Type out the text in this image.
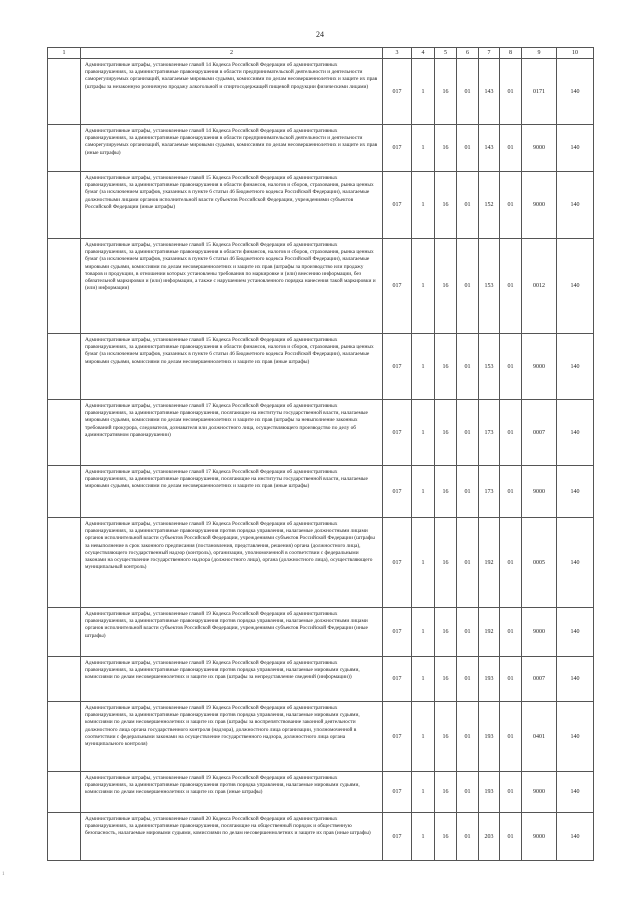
24
1	2	3	4	5	6	7	8	9	10

	Административные штрафы, установленные главой 14 Кодекса Российской Федерации об административных правонарушениях, за административные правонарушения в области предпринимательской деятельности и деятельности саморегулируемых организаций, налагаемые мировыми судьями, комиссиями по делам несовершеннолетних и защите их прав (штрафы за незаконную розничную продажу алкогольной и спиртосодержащей пищевой продукции физическими лицами)	017	1	16	01	143	01	0171	140

	Административные штрафы, установленные главой 14 Кодекса Российской Федерации об административных правонарушениях, за административные правонарушения в области предпринимательской деятельности и деятельности саморегулируемых организаций, налагаемые мировыми судьями, комиссиями по делам несовершеннолетних и защите их прав (иные штрафы)	017	1	16	01	143	01	9000	140

	Административные штрафы, установленные главой 15 Кодекса Российской Федерации об административных правонарушениях, за административные правонарушения в области финансов, налогов и сборов, страхования, рынка ценных бумаг (за исключением штрафов, указанных в пункте 6 статьи 46 Бюджетного кодекса Российской Федерации), налагаемые должностными лицами органов исполнительной власти субъектов Российской Федерации, учреждениями субъектов Российской Федерации (иные штрафы)	017	1	16	01	152	01	9000	140

	Административные штрафы, установленные главой 15 Кодекса Российской Федерации об административных правонарушениях, за административные правонарушения в области финансов, налогов и сборов, страхования, рынка ценных бумаг (за исключением штрафов, указанных в пункте 6 статьи 46 Бюджетного кодекса Российской Федерации), налагаемые мировыми судьями, комиссиями по делам несовершеннолетних и защите их прав (штрафы за производство или продажу товаров и продукции, в отношении которых установлены требования по маркировке и (или) внесению информации, без обязательной маркировки и (или) информации, а также с нарушением установленного порядка нанесения такой маркировки и (или) информации)	017	1	16	01	153	01	0012	140

	Административные штрафы, установленные главой 15 Кодекса Российской Федерации об административных правонарушениях, за административные правонарушения в области финансов, налогов и сборов, страхования, рынка ценных бумаг (за исключением штрафов, указанных в пункте 6 статьи 46 Бюджетного кодекса Российской Федерации), налагаемые мировыми судьями, комиссиями по делам несовершеннолетних и защите их прав (иные штрафы)	017	1	16	01	153	01	9000	140

	Административные штрафы, установленные главой 17 Кодекса Российской Федерации об административных правонарушениях, за административные правонарушения, посягающие на институты государственной власти, налагаемые мировыми судьями, комиссиями по делам несовершеннолетних и защите их прав (штрафы за невыполнение законных требований прокурора, следователя, дознавателя или должностного лица, осуществляющего производство по делу об административном правонарушении)	017	1	16	01	173	01	0007	140

	Административные штрафы, установленные главой 17 Кодекса Российской Федерации об административных правонарушениях, за административные правонарушения, посягающие на институты государственной власти, налагаемые мировыми судьями, комиссиями по делам несовершеннолетних и защите их прав (иные штрафы)	017	1	16	01	173	01	9000	140

	Административные штрафы, установленные главой 19 Кодекса Российской Федерации об административных правонарушениях, за административные правонарушения против порядка управления, налагаемые должностными лицами органов исполнительной власти субъектов Российской Федерации, учреждениями субъектов Российской Федерации (штрафы за невыполнение в срок законного предписания (постановления, представления, решения) органа (должностного лица), осуществляющего государственный надзор (контроль), организации, уполномоченной в соответствии с федеральными законами на осуществление государственного надзора (должностного лица), органа (должностного лица), осуществляющего муниципальный контроль)	017	1	16	01	192	01	0005	140

	Административные штрафы, установленные главой 19 Кодекса Российской Федерации об административных правонарушениях, за административные правонарушения против порядка управления, налагаемые должностными лицами органов исполнительной власти субъектов Российской Федерации, учреждениями субъектов Российской Федерации (иные штрафы)	017	1	16	01	192	01	9000	140

	Административные штрафы, установленные главой 19 Кодекса Российской Федерации об административных правонарушениях, за административные правонарушения против порядка управления, налагаемые мировыми судьями, комиссиями по делам несовершеннолетних и защите их прав (штрафы за непредставление сведений (информации))	017	1	16	01	193	01	0007	140

	Административные штрафы, установленные главой 19 Кодекса Российской Федерации об административных правонарушениях, за административные правонарушения против порядка управления, налагаемые мировыми судьями, комиссиями по делам несовершеннолетних и защите их прав (штрафы за воспрепятствование законной деятельности должностного лица органа государственного контроля (надзора), должностного лица организации, уполномоченной в соответствии с федеральными законами на осуществление государственного надзора, должностного лица органа муниципального контроля)	017	1	16	01	193	01	0401	140

	Административные штрафы, установленные главой 19 Кодекса Российской Федерации об административных правонарушениях, за административные правонарушения против порядка управления, налагаемые мировыми судьями, комиссиями по делам несовершеннолетних и защите их прав (иные штрафы)	017	1	16	01	193	01	9000	140

	Административные штрафы, установленные главой 20 Кодекса Российской Федерации об административных правонарушениях, за административные правонарушения, посягающие на общественный порядок и общественную безопасность, налагаемые мировыми судьями, комиссиями по делам несовершеннолетних и защите их прав (иные штрафы)	017	1	16	01	203	01	9000	140
1
